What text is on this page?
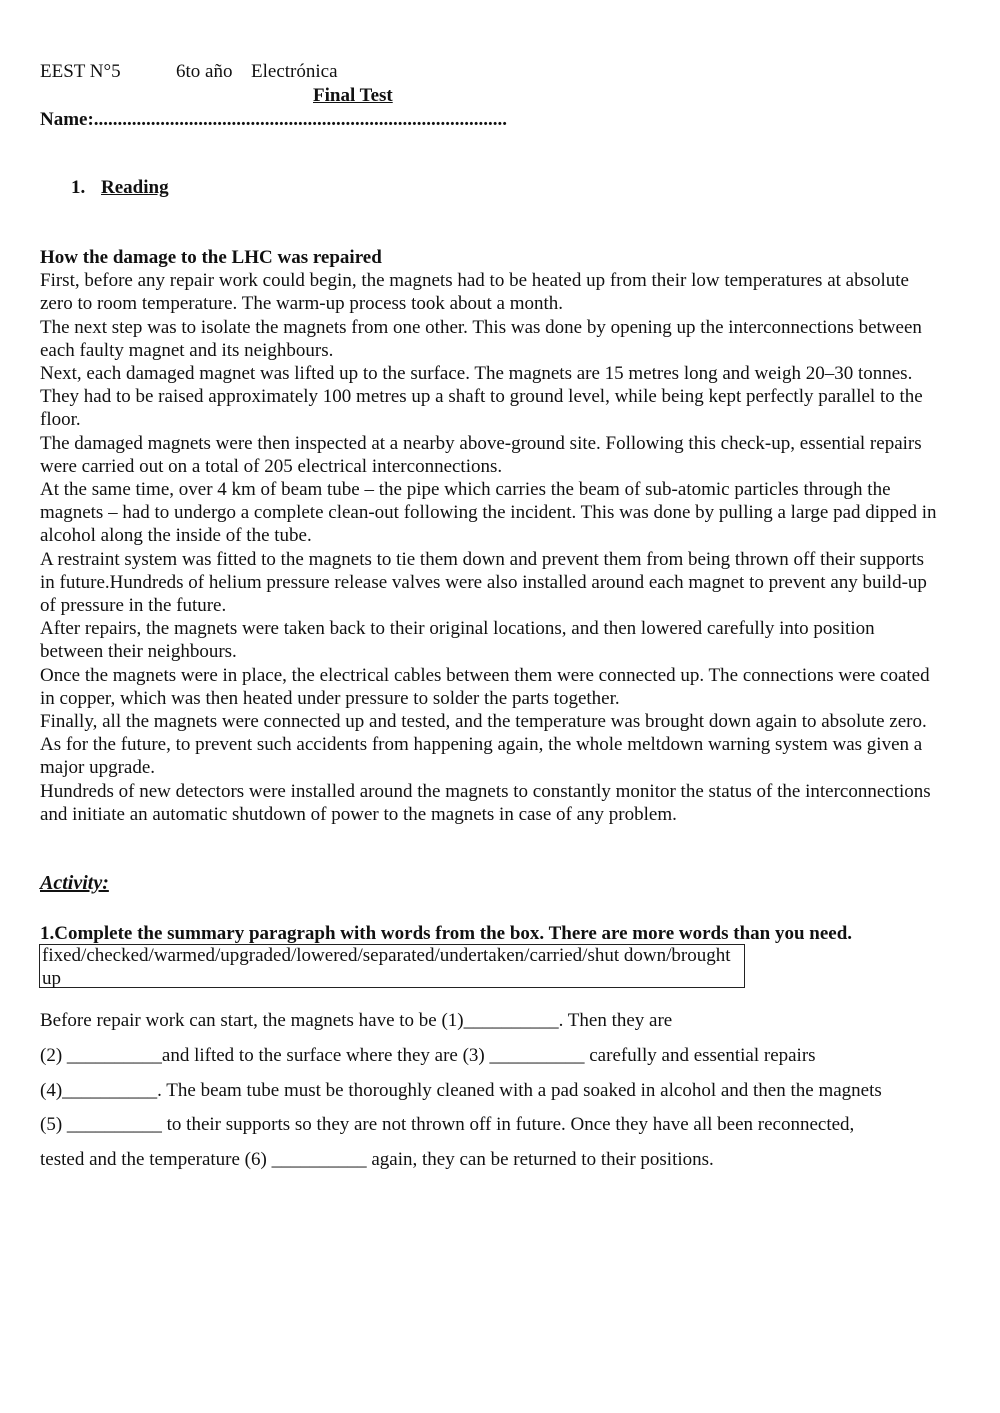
EEST N°5	6to año Electrónica
Final Test
Name:.......................................................................................
1. Reading
How the damage to the LHC was repaired

First, before any repair work could begin, the magnets had to be heated up from their low temperatures at absolute zero to room temperature. The warm-up process took about a month.

The next step was to isolate the magnets from one other. This was done by opening up the interconnections between each faulty magnet and its neighbours.

Next, each damaged magnet was lifted up to the surface. The magnets are 15 metres long and weigh 20–30 tonnes. They had to be raised approximately 100 metres up a shaft to ground level, while being kept perfectly parallel to the floor.

The damaged magnets were then inspected at a nearby above-ground site. Following this check-up, essential repairs were carried out on a total of 205 electrical interconnections.

At the same time, over 4 km of beam tube – the pipe which carries the beam of sub-atomic particles through the magnets – had to undergo a complete clean-out following the incident. This was done by pulling a large pad dipped in alcohol along the inside of the tube.

A restraint system was fitted to the magnets to tie them down and prevent them from being thrown off their supports in future.Hundreds of helium pressure release valves were also installed around each magnet to prevent any build-up of pressure in the future.

After repairs, the magnets were taken back to their original locations, and then lowered carefully into position between their neighbours.

Once the magnets were in place, the electrical cables between them were connected up. The connections were coated in copper, which was then heated under pressure to solder the parts together.

Finally, all the magnets were connected up and tested, and the temperature was brought down again to absolute zero.

As for the future, to prevent such accidents from happening again, the whole meltdown warning system was given a major upgrade.

Hundreds of new detectors were installed around the magnets to constantly monitor the status of the interconnections and initiate an automatic shutdown of power to the magnets in case of any problem.

Activity:
1.Complete the summary paragraph with words from the box. There are more words than you need.
fixed/checked/warmed/upgraded/lowered/separated/undertaken/carried/shut down/brought up

Before repair work can start, the magnets have to be (1)__________. Then they are

(2) __________and lifted to the surface where they are (3) __________ carefully and essential repairs

(4)__________. The beam tube must be thoroughly cleaned with a pad soaked in alcohol and then the magnets

(5) __________ to their supports so they are not thrown off in future. Once they have all been reconnected,

tested and the temperature (6) __________ again, they can be returned to their positions.
